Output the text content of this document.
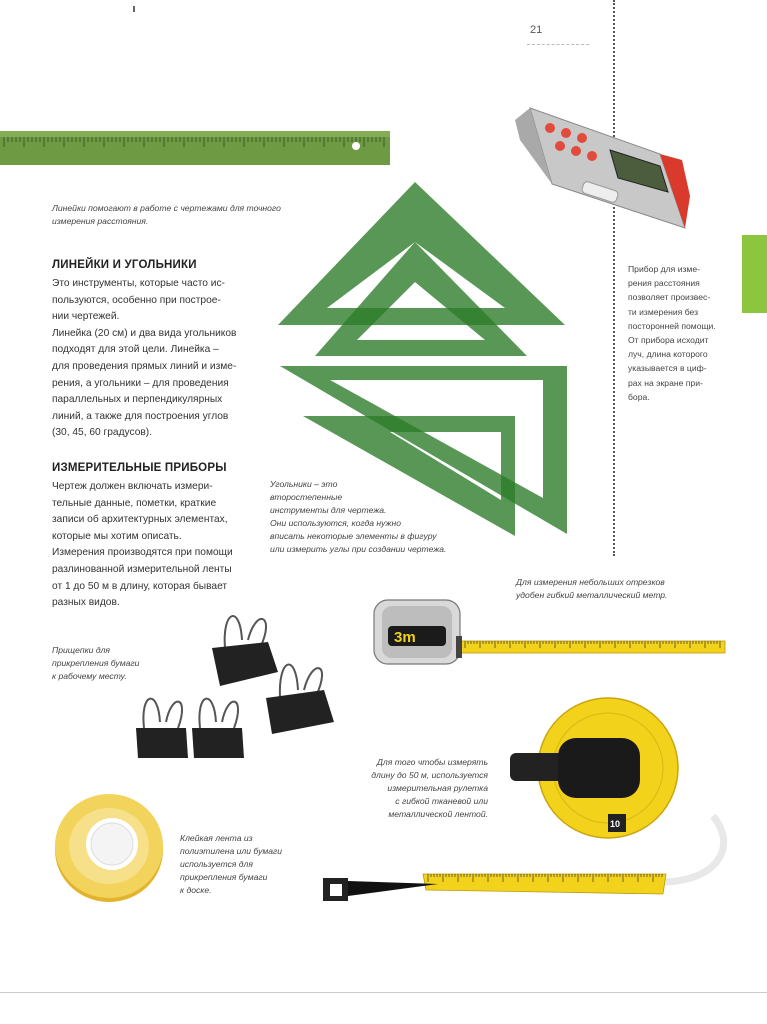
21
Линейки помогают в работе с чертежами для точного
измерения расстояния.
ЛИНЕЙКИ И УГОЛЬНИКИ

Это инструменты, которые часто ис-

пользуются, особенно при построе-

нии чертежей.

Линейка (20 см) и два вида угольников

подходят для этой цели. Линейка –

для проведения прямых линий и изме-

рения, а угольники – для проведения

параллельных и перпендикулярных

линий, а также для построения углов

(30, 45, 60 градусов).

ИЗМЕРИТЕЛЬНЫЕ ПРИБОРЫ

Чертеж должен включать измери-

тельные данные, пометки, краткие

записи об архитектурных элементах,

которые мы хотим описать.

Измерения производятся при помощи

разлинованной измерительной ленты

от 1 до 50 м в длину, которая бывает

разных видов.

Угольники – это
второстепенные
инструменты для чертежа.
Они используются, когда нужно
вписать некоторые элементы в фигуру
или измерить углы при создании чертежа.

Прибор для изме-

рения расстояния

позволяет произвес-

ти измерения без

посторонней помощи.

От прибора исходит

луч, длина которого

указывается в циф-

рах на экране при-

бора.

Для измерения небольших отрезков
удобен гибкий металлический метр.
3m
Прищепки для
прикрепления бумаги
к рабочему месту.
Для того чтобы измерять
длину до 50 м, используется
измерительная рулетка
с гибкой тканевой или
металлической лентой.
10
Клейкая лента из
полиэтилена или бумаги
используется для
прикрепления бумаги
к доске.
